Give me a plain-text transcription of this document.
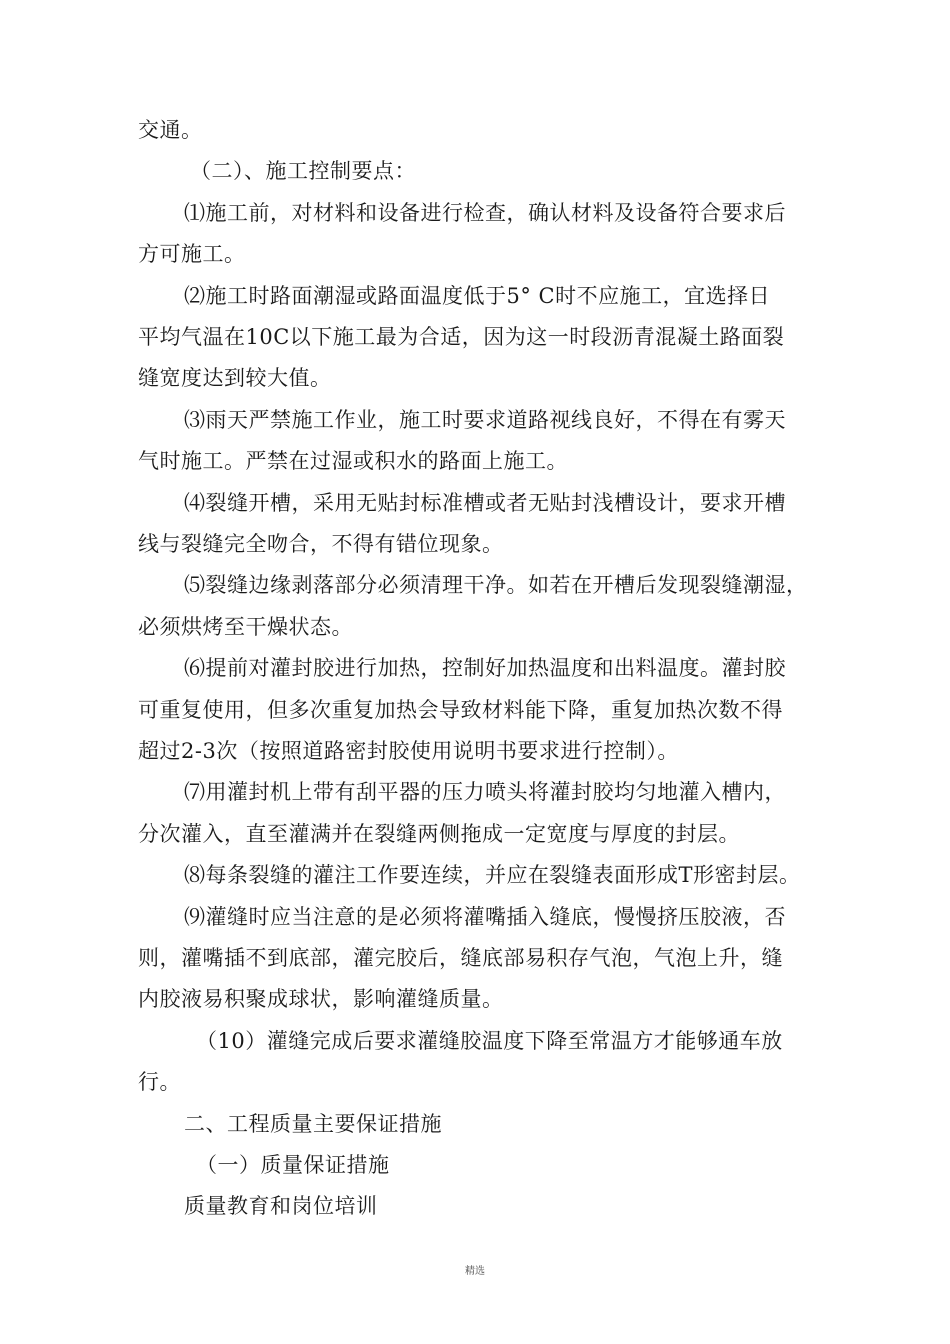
交通。
（二）、施工控制要点：
⑴施工前，对材料和设备进行检查，确认材料及设备符合要求后
方可施工。
⑵施工时路面潮湿或路面温度低于5° C时不应施工，宜选择日
平均气温在10C以下施工最为合适，因为这一时段沥青混凝土路面裂
缝宽度达到较大值。
⑶雨天严禁施工作业，施工时要求道路视线良好，不得在有雾天
气时施工。严禁在过湿或积水的路面上施工。
⑷裂缝开槽，采用无贴封标准槽或者无贴封浅槽设计，要求开槽
线与裂缝完全吻合，不得有错位现象。
⑸裂缝边缘剥落部分必须清理干净。如若在开槽后发现裂缝潮湿，
必须烘烤至干燥状态。
⑹提前对灌封胶进行加热，控制好加热温度和出料温度。灌封胶
可重复使用，但多次重复加热会导致材料能下降，重复加热次数不得
超过2-3次（按照道路密封胶使用说明书要求进行控制）。
⑺用灌封机上带有刮平器的压力喷头将灌封胶均匀地灌入槽内，
分次灌入，直至灌满并在裂缝两侧拖成一定宽度与厚度的封层。
⑻每条裂缝的灌注工作要连续，并应在裂缝表面形成T形密封层。
⑼灌缝时应当注意的是必须将灌嘴插入缝底，慢慢挤压胶液，否
则，灌嘴插不到底部，灌完胶后，缝底部易积存气泡，气泡上升，缝
内胶液易积聚成球状，影响灌缝质量。
（10）灌缝完成后要求灌缝胶温度下降至常温方才能够通车放
行。
二、工程质量主要保证措施
（一）质量保证措施
质量教育和岗位培训
精选
